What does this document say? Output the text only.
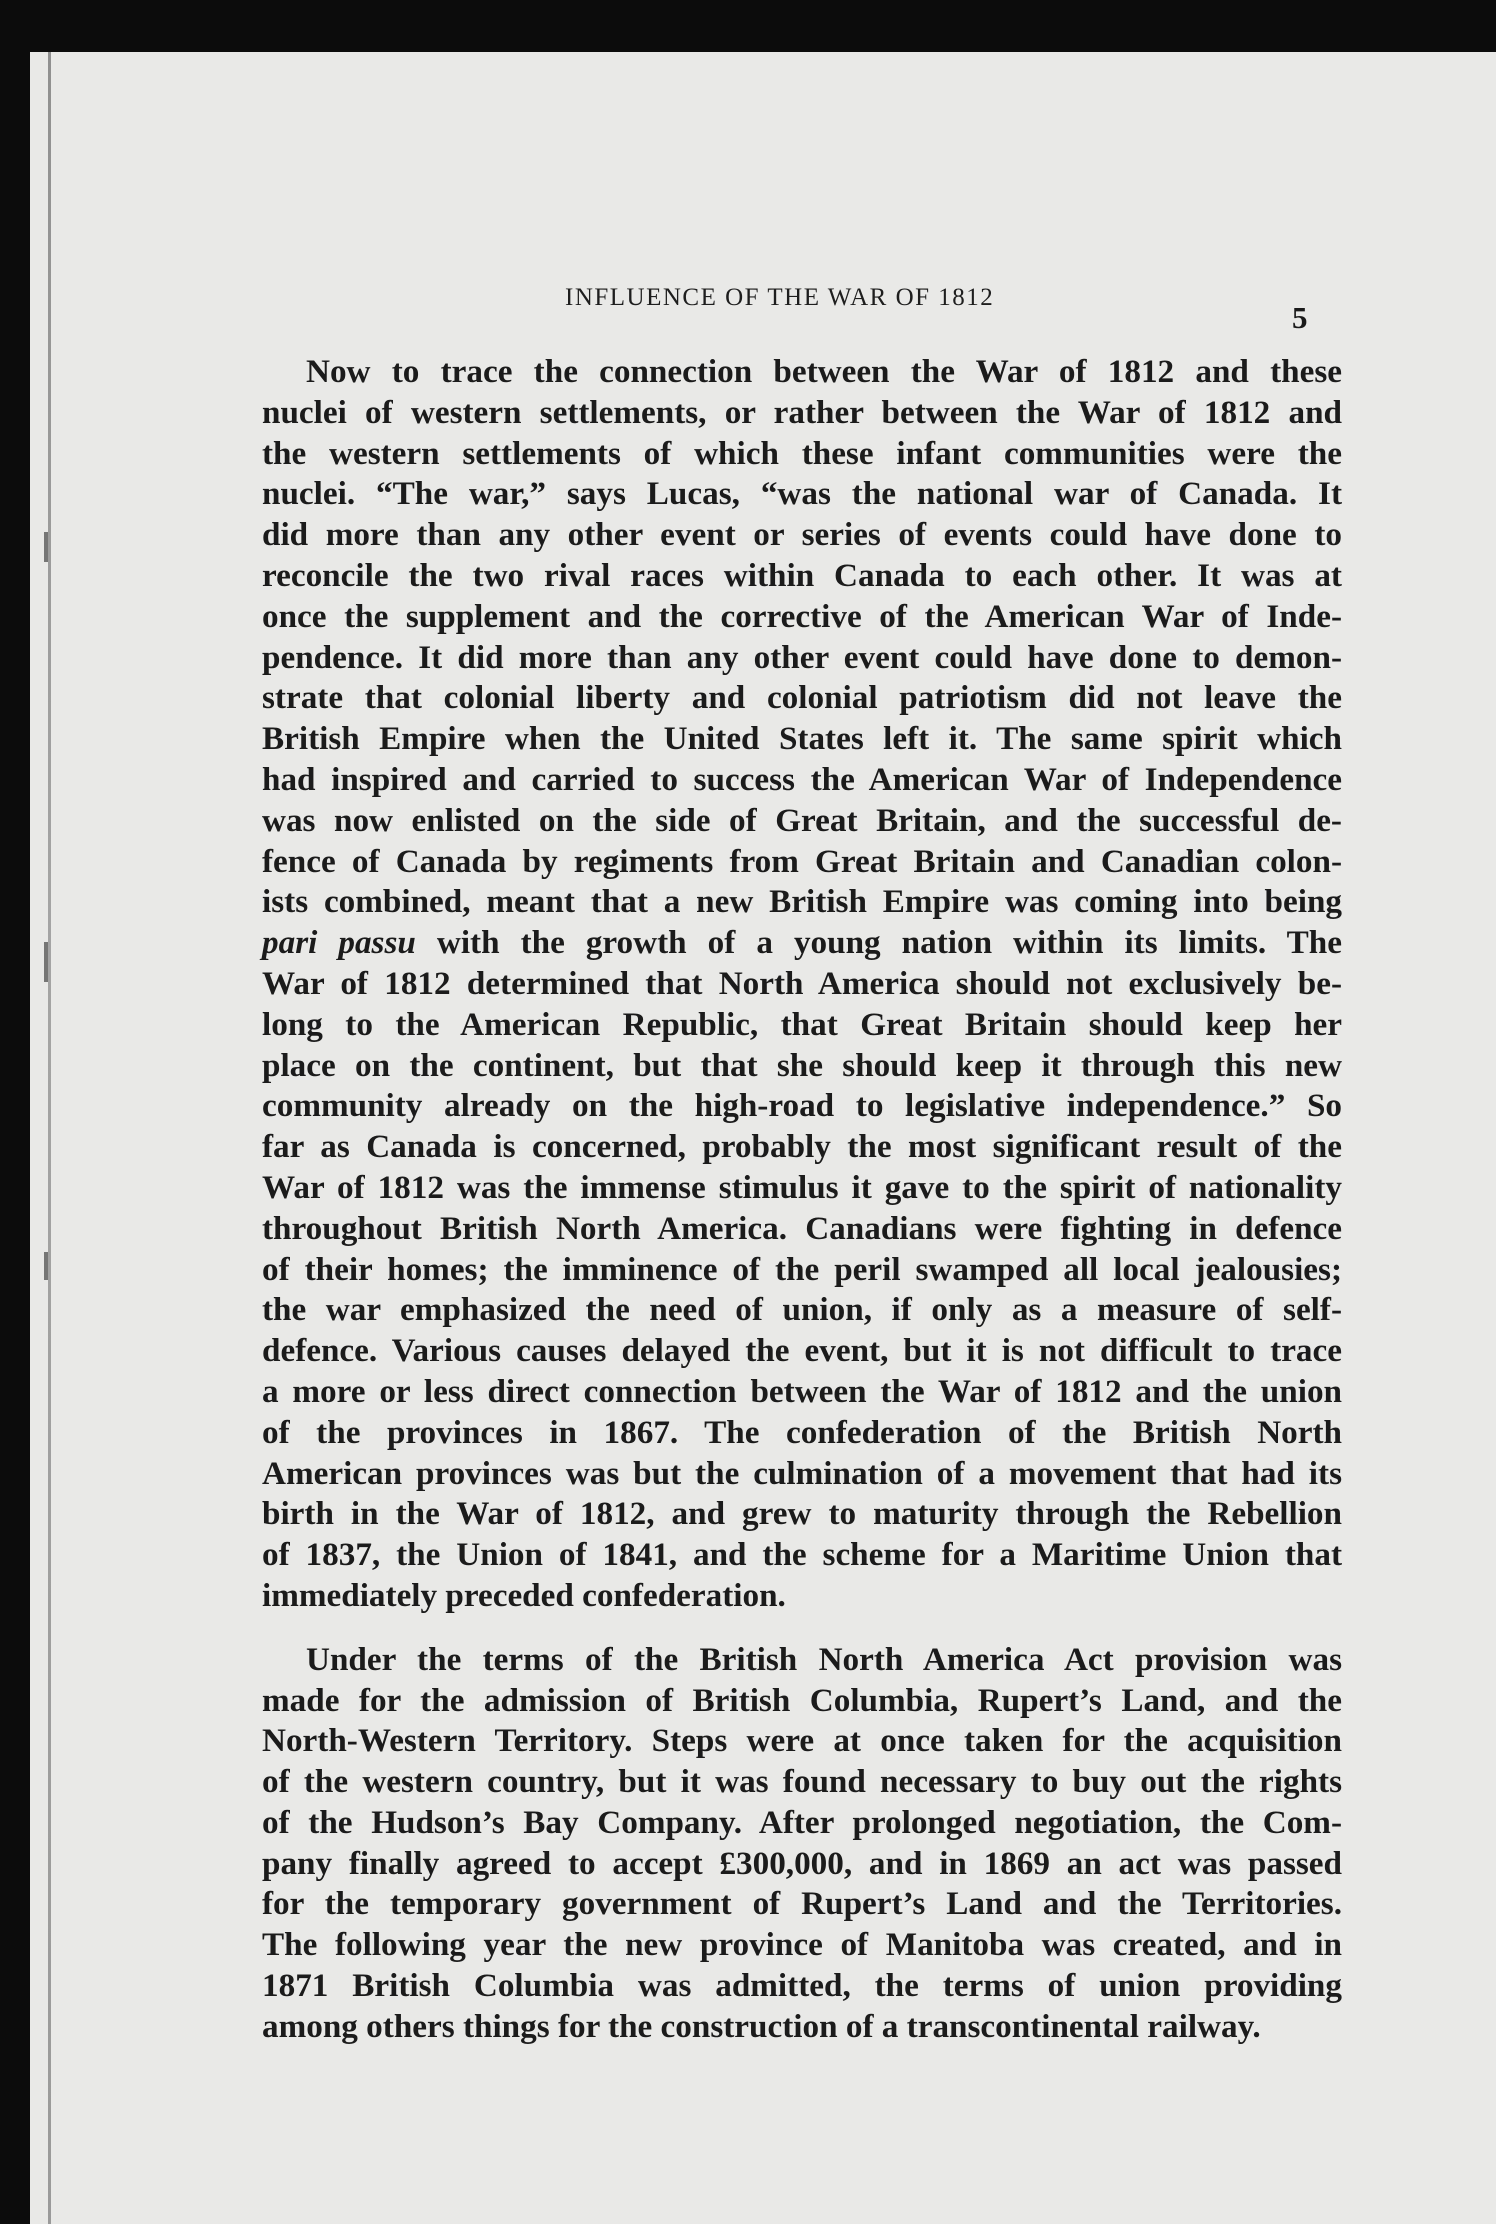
INFLUENCE OF THE WAR OF 1812
5
Now to trace the connection between the War of 1812 and these
nuclei of western settlements, or rather between the War of 1812 and
the western settlements of which these infant communities were the
nuclei. “The war,” says Lucas, “was the national war of Canada. It
did more than any other event or series of events could have done to
reconcile the two rival races within Canada to each other. It was at
once the supplement and the corrective of the American War of Inde-
pendence. It did more than any other event could have done to demon-
strate that colonial liberty and colonial patriotism did not leave the
British Empire when the United States left it. The same spirit which
had inspired and carried to success the American War of Independence
was now enlisted on the side of Great Britain, and the successful de-
fence of Canada by regiments from Great Britain and Canadian colon-
ists combined, meant that a new British Empire was coming into being
pari passu with the growth of a young nation within its limits. The
War of 1812 determined that North America should not exclusively be-
long to the American Republic, that Great Britain should keep her
place on the continent, but that she should keep it through this new
community already on the high-road to legislative independence.” So
far as Canada is concerned, probably the most significant result of the
War of 1812 was the immense stimulus it gave to the spirit of nationality
throughout British North America. Canadians were fighting in defence
of their homes; the imminence of the peril swamped all local jealousies;
the war emphasized the need of union, if only as a measure of self-
defence. Various causes delayed the event, but it is not difficult to trace
a more or less direct connection between the War of 1812 and the union
of the provinces in 1867. The confederation of the British North
American provinces was but the culmination of a movement that had its
birth in the War of 1812, and grew to maturity through the Rebellion
of 1837, the Union of 1841, and the scheme for a Maritime Union that
immediately preceded confederation.
Under the terms of the British North America Act provision was
made for the admission of British Columbia, Rupert’s Land, and the
North-Western Territory. Steps were at once taken for the acquisition
of the western country, but it was found necessary to buy out the rights
of the Hudson’s Bay Company. After prolonged negotiation, the Com-
pany finally agreed to accept £300,000, and in 1869 an act was passed
for the temporary government of Rupert’s Land and the Territories.
The following year the new province of Manitoba was created, and in
1871 British Columbia was admitted, the terms of union providing
among others things for the construction of a transcontinental railway.
